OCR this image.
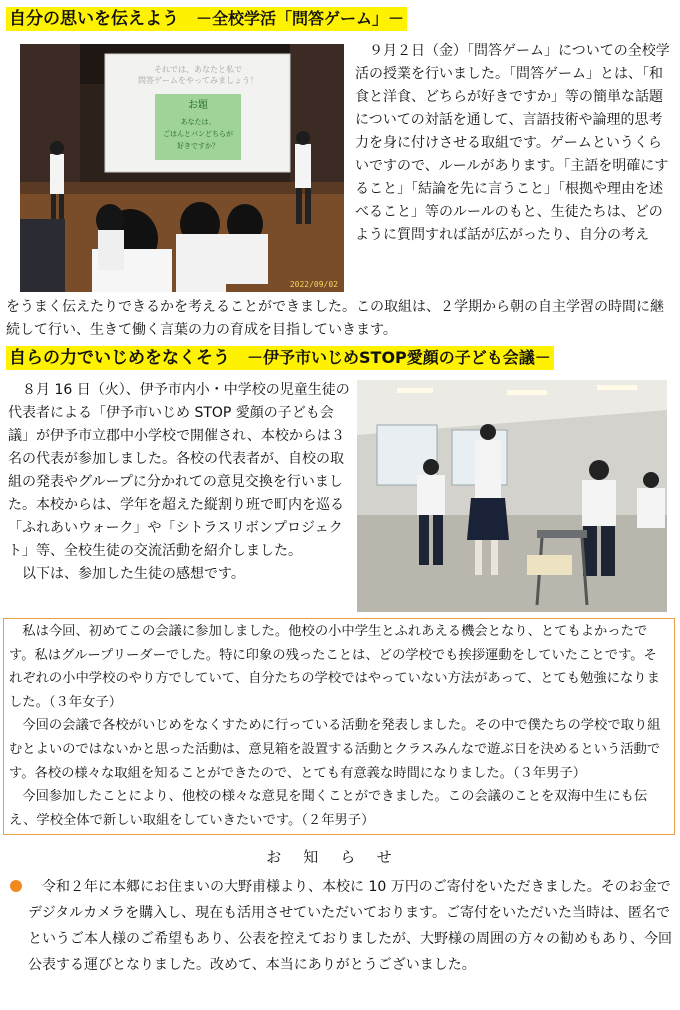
自分の思いを伝えよう　 －全校学活「問答ゲーム」－
それでは、あなたと私で
問答ゲームをやってみましょう！
お題
あなたは、
ごはんとパンどちらが
好きですか？
2022/09/02
　９月２日（金）「問答ゲーム」についての全校学活の授業を行いました。「問答ゲーム」とは、「和食と洋食、どちらが好きですか」等の簡単な話題についての対話を通して、言語技術や論理的思考力を身に付けさせる取組です。ゲームというくらいですので、ルールがあります。「主語を明確にすること」「結論を先に言うこと」「根拠や理由を述べること」等のルールのもと、生徒たちは、どのように質問すれば話が広がったり、自分の考え
をうまく伝えたりできるかを考えることができました。この取組は、２学期から朝の自主学習の時間に継続して行い、生きて働く言葉の力の育成を目指していきます。
自らの力でいじめをなくそう　 －伊予市いじめSTOP愛顔の子ども会議－

　８月 16 日（火）、伊予市内小・中学校の児童生徒の代表者による「伊予市いじめ STOP 愛顔の子ども会議」が伊予市立郡中小学校で開催され、本校からは３名の代表が参加しました。各校の代表者が、自校の取組の発表やグループに分かれての意見交換を行いました。本校からは、学年を超えた縦割り班で町内を巡る「ふれあいウォーク」や「シトラスリボンプロジェクト」等、全校生徒の交流活動を紹介しました。

　以下は、参加した生徒の感想です。

私は今回、初めてこの会議に参加しました。他校の小中学生とふれあえる機会となり、とてもよかったです。私はグループリーダーでした。特に印象の残ったことは、どの学校でも挨拶運動をしていたことです。それぞれの小中学校のやり方でしていて、自分たちの学校ではやっていない方法があって、とても勉強になりました。（３年女子）

今回の会議で各校がいじめをなくすために行っている活動を発表しました。その中で僕たちの学校で取り組むとよいのではないかと思った活動は、意見箱を設置する活動とクラスみんなで遊ぶ日を決めるという活動です。各校の様々な取組を知ることができたので、とても有意義な時間になりました。（３年男子）

今回参加したことにより、他校の様々な意見を聞くことができました。この会議のことを双海中生にも伝え、学校全体で新しい取組をしていきたいです。（２年男子）

お知らせ

令和２年に本郷にお住まいの大野甫様より、本校に 10 万円のご寄付をいただきました。そのお金でデジタルカメラを購入し、現在も活用させていただいております。ご寄付をいただいた当時は、匿名でというご本人様のご希望もあり、公表を控えておりましたが、大野様の周囲の方々の勧めもあり、今回公表する運びとなりました。改めて、本当にありがとうございました。
